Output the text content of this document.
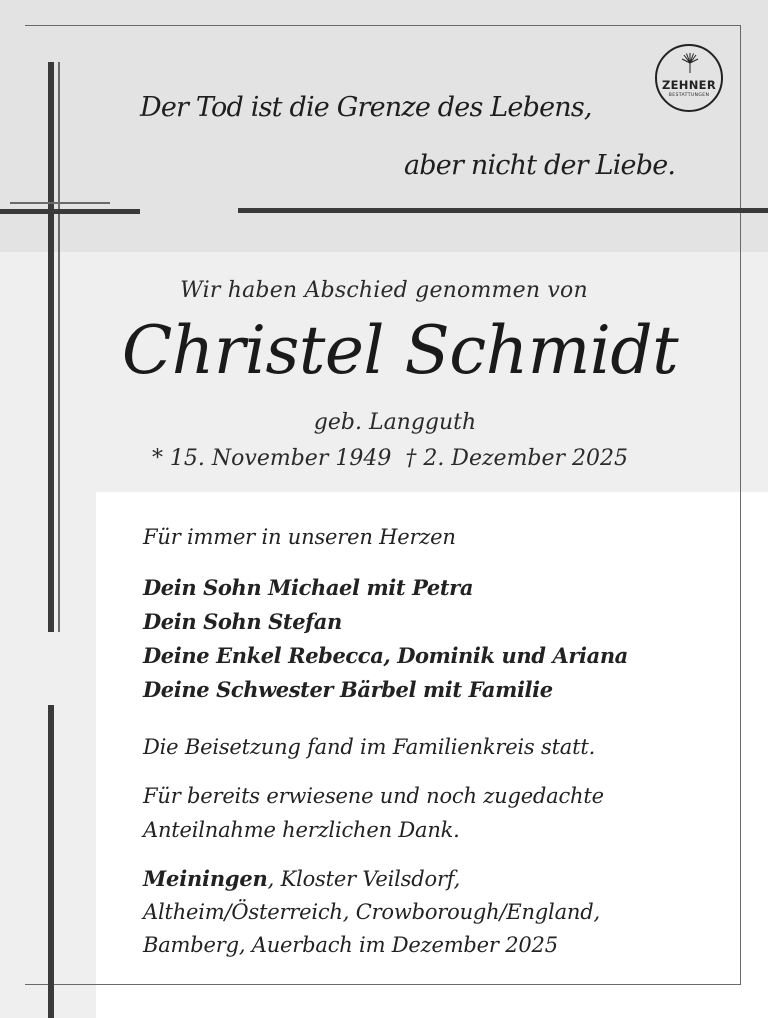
ZEHNER
BESTATTUNGEN
Der Tod ist die Grenze des Lebens,
aber nicht der Liebe.
Wir haben Abschied genommen von
Christel Schmidt
geb. Langguth
* 15. November 1949 † 2. Dezember 2025
Für immer in unseren Herzen
Dein Sohn Michael mit Petra
Dein Sohn Stefan
Deine Enkel Rebecca, Dominik und Ariana
Deine Schwester Bärbel mit Familie
Die Beisetzung fand im Familienkreis statt.
Für bereits erwiesene und noch zugedachte
Anteilnahme herzlichen Dank.
Meiningen, Kloster Veilsdorf,
Altheim/Österreich, Crowborough/England,
Bamberg, Auerbach im Dezember 2025
